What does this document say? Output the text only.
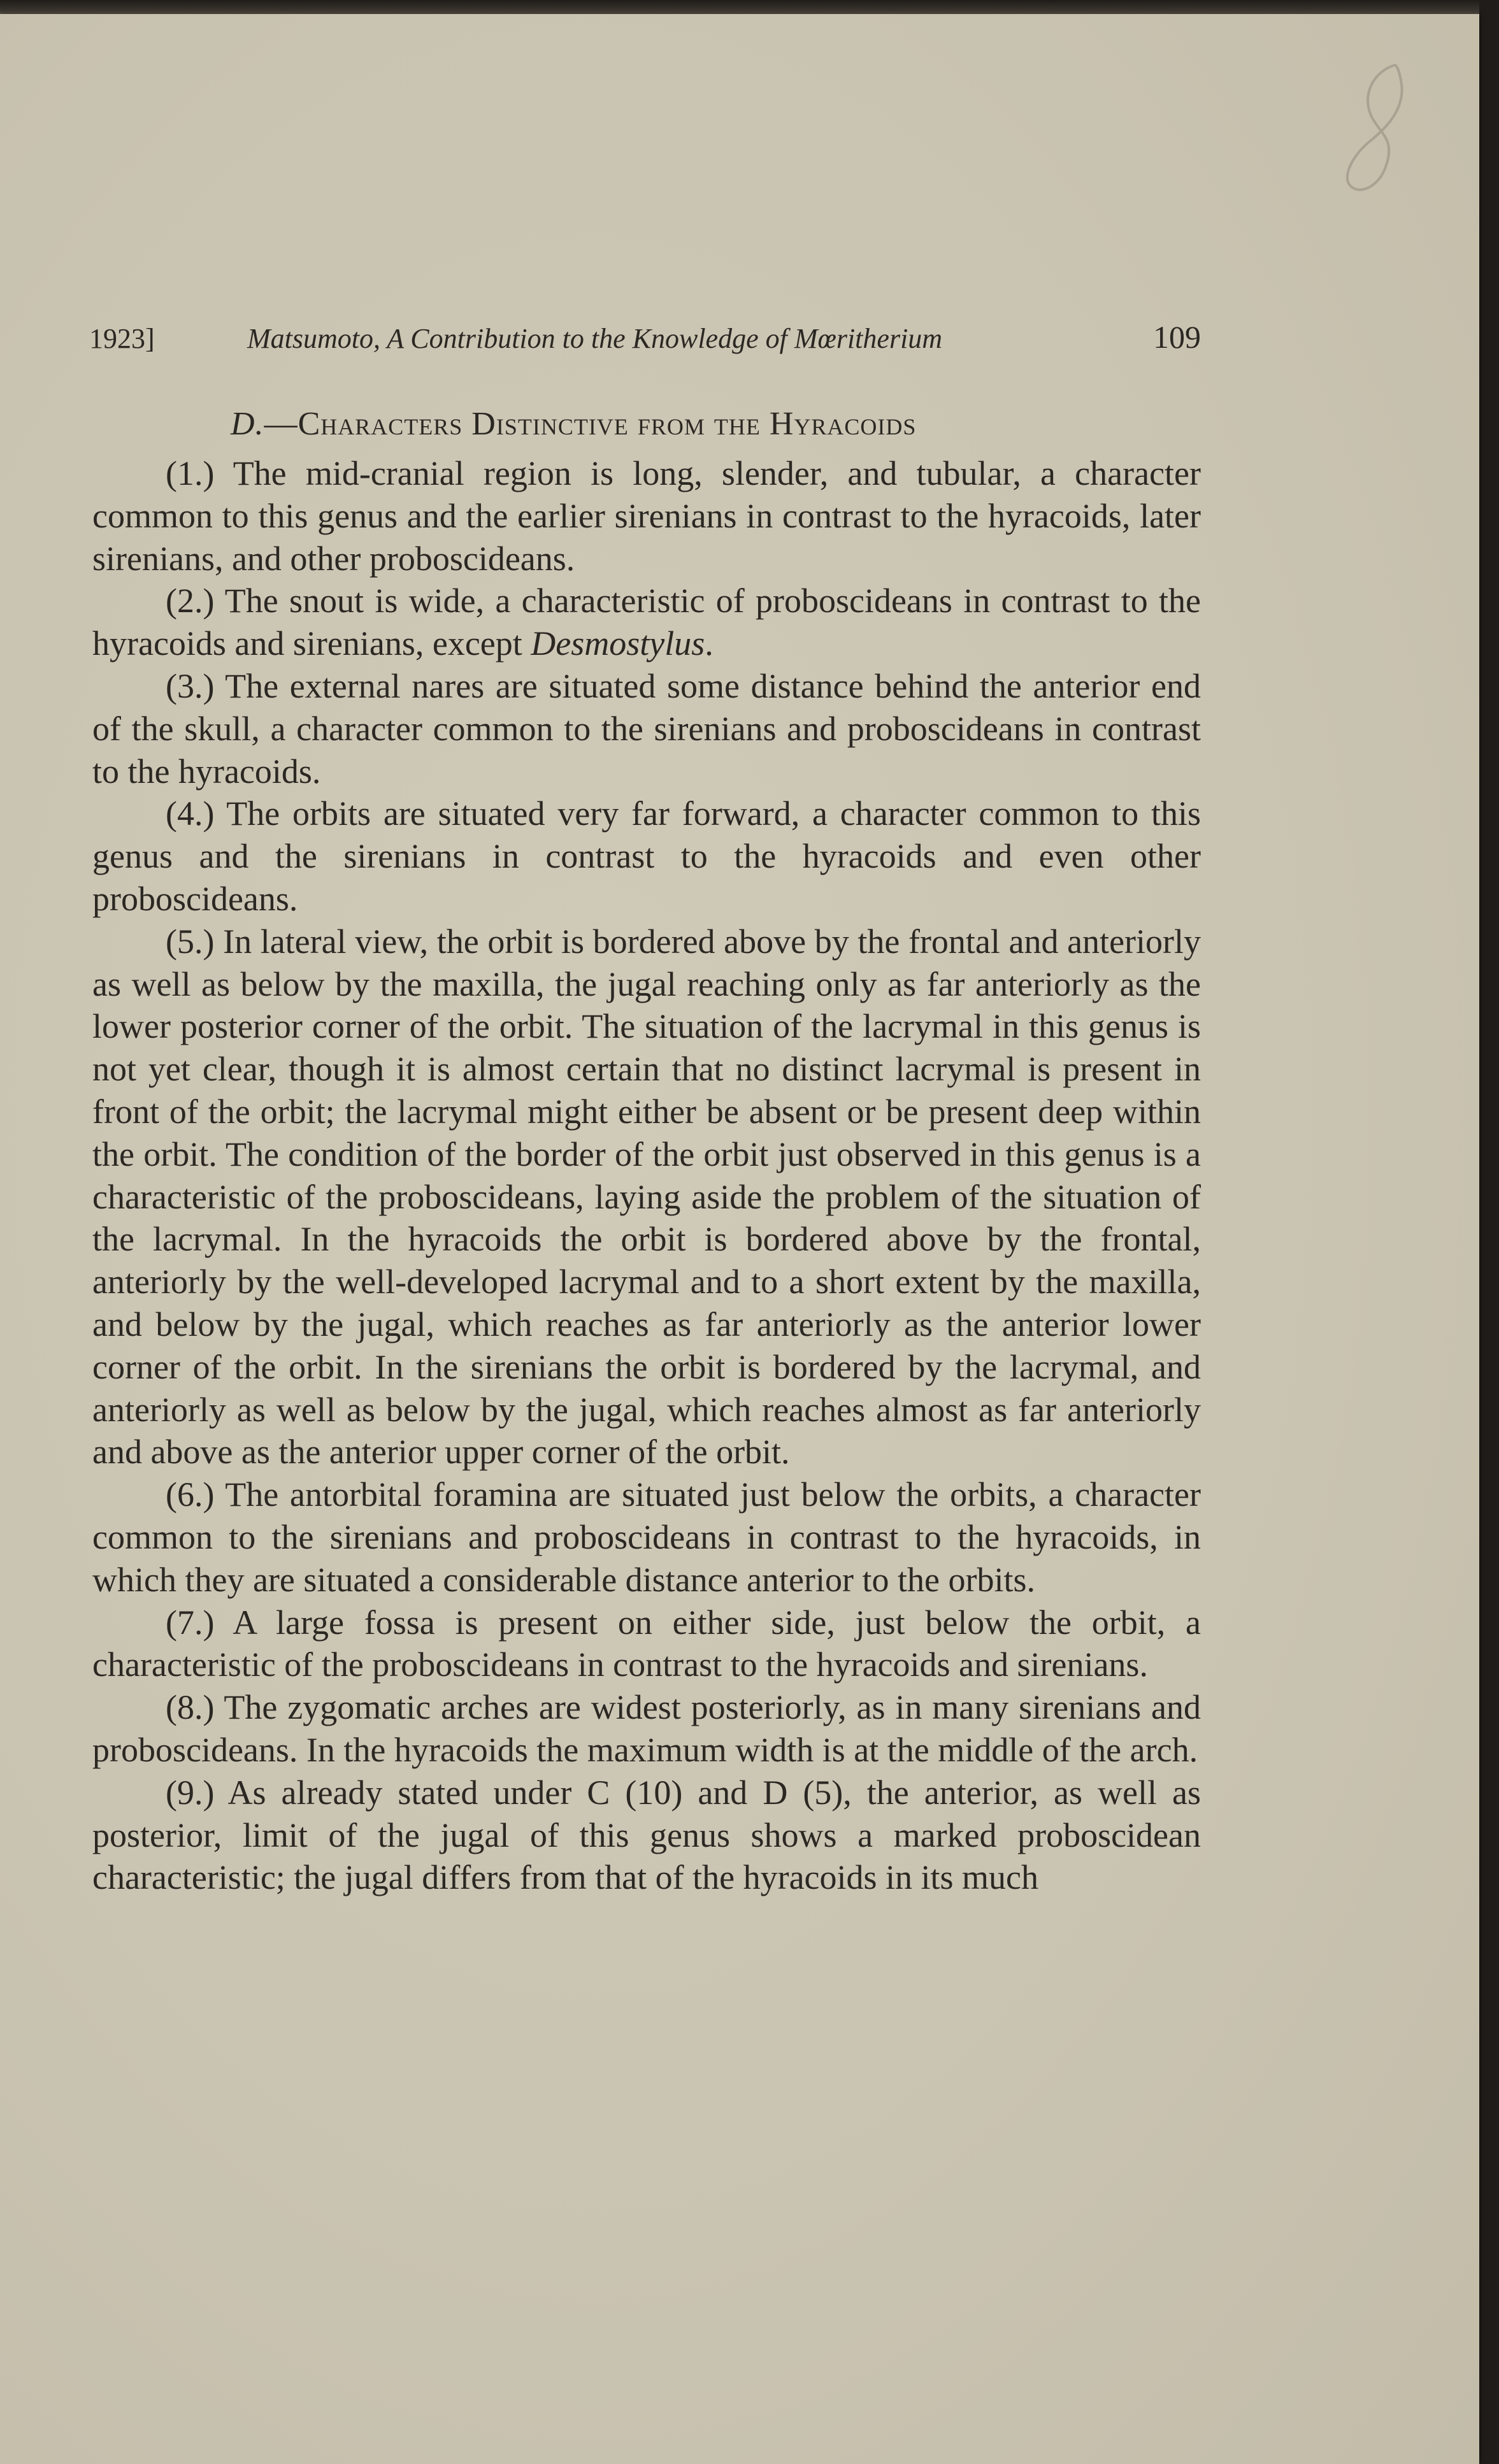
1923]	Matsumoto, A Contribution to the Knowledge of Mœritherium	109
D.—Characters Distinctive from the Hyracoids

(1.) The mid-cranial region is long, slender, and tubular, a character common to this genus and the earlier sirenians in contrast to the hyracoids, later sirenians, and other proboscideans.

(2.) The snout is wide, a characteristic of proboscideans in contrast to the hyracoids and sirenians, except Desmostylus.

(3.) The external nares are situated some distance behind the anterior end of the skull, a character common to the sirenians and proboscideans in contrast to the hyracoids.

(4.) The orbits are situated very far forward, a character common to this genus and the sirenians in contrast to the hyracoids and even other proboscideans.

(5.) In lateral view, the orbit is bordered above by the frontal and anteriorly as well as below by the maxilla, the jugal reaching only as far anteriorly as the lower posterior corner of the orbit. The situation of the lacrymal in this genus is not yet clear, though it is almost certain that no distinct lacrymal is present in front of the orbit; the lacrymal might either be absent or be present deep within the orbit. The condition of the border of the orbit just observed in this genus is a characteristic of the proboscideans, laying aside the problem of the situation of the lacrymal. In the hyracoids the orbit is bordered above by the frontal, anteriorly by the well-developed lacrymal and to a short extent by the maxilla, and below by the jugal, which reaches as far anteriorly as the anterior lower corner of the orbit. In the sirenians the orbit is bordered by the lacrymal, and anteriorly as well as below by the jugal, which reaches almost as far anteriorly and above as the anterior upper corner of the orbit.

(6.) The antorbital foramina are situated just below the orbits, a character common to the sirenians and proboscideans in contrast to the hyracoids, in which they are situated a considerable distance anterior to the orbits.

(7.) A large fossa is present on either side, just below the orbit, a characteristic of the proboscideans in contrast to the hyracoids and sirenians.

(8.) The zygomatic arches are widest posteriorly, as in many sirenians and proboscideans. In the hyracoids the maximum width is at the middle of the arch.

(9.) As already stated under C (10) and D (5), the anterior, as well as posterior, limit of the jugal of this genus shows a marked proboscidean characteristic; the jugal differs from that of the hyracoids in its much
